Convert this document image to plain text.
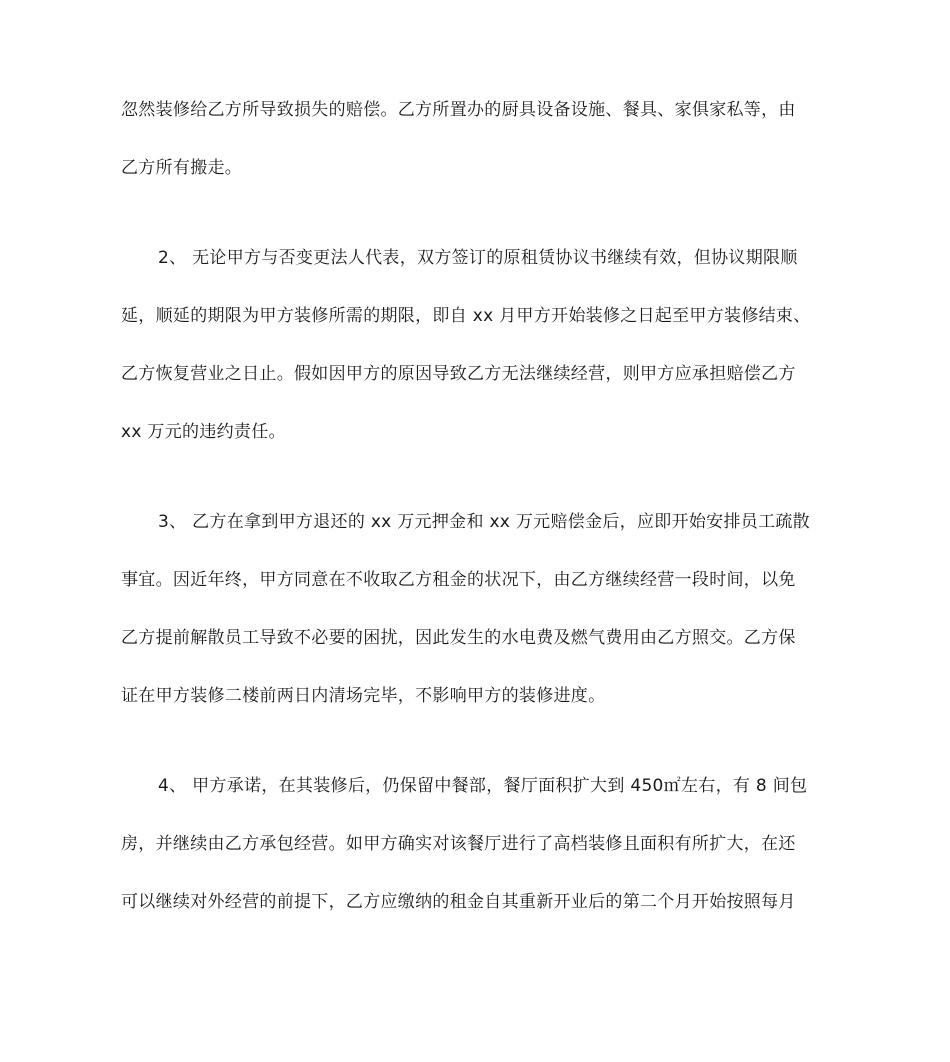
忽然装修给乙方所导致损失的赔偿。乙方所置办的厨具设备设施、餐具、家俱家私等，由
乙方所有搬走。
2、 无论甲方与否变更法人代表，双方签订的原租赁协议书继续有效，但协议期限顺
延，顺延的期限为甲方装修所需的期限，即自 xx 月甲方开始装修之日起至甲方装修结束、
乙方恢复营业之日止。假如因甲方的原因导致乙方无法继续经营，则甲方应承担赔偿乙方
xx 万元的违约责任。
3、 乙方在拿到甲方退还的 xx 万元押金和 xx 万元赔偿金后，应即开始安排员工疏散
事宜。因近年终，甲方同意在不收取乙方租金的状况下，由乙方继续经营一段时间，以免
乙方提前解散员工导致不必要的困扰，因此发生的水电费及燃气费用由乙方照交。乙方保
证在甲方装修二楼前两日内清场完毕，不影响甲方的装修进度。
4、 甲方承诺，在其装修后，仍保留中餐部，餐厅面积扩大到 450㎡左右，有 8 间包
房，并继续由乙方承包经营。如甲方确实对该餐厅进行了高档装修且面积有所扩大，在还
可以继续对外经营的前提下，乙方应缴纳的租金自其重新开业后的第二个月开始按照每月
